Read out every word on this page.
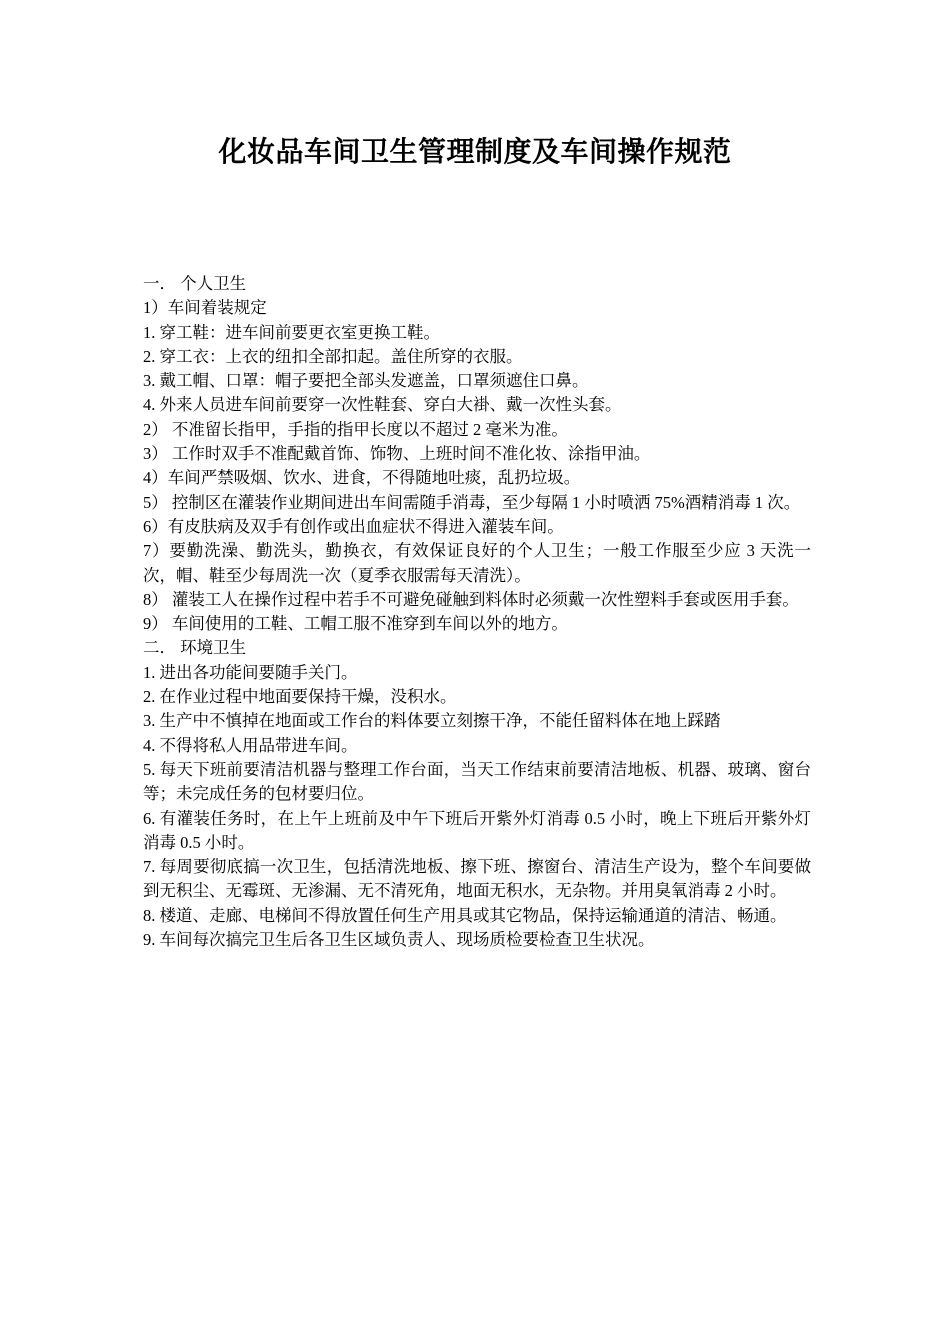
化妆品车间卫生管理制度及车间操作规范

一． 个人卫生

1）车间着装规定

1. 穿工鞋：进车间前要更衣室更换工鞋。

2. 穿工衣：上衣的纽扣全部扣起。盖住所穿的衣服。

3. 戴工帽、口罩：帽子要把全部头发遮盖，口罩须遮住口鼻。

4. 外来人员进车间前要穿一次性鞋套、穿白大褂、戴一次性头套。

2） 不准留长指甲，手指的指甲长度以不超过 2 毫米为准。

3） 工作时双手不准配戴首饰、饰物、上班时间不准化妆、涂指甲油。

4）车间严禁吸烟、饮水、进食，不得随地吐痰，乱扔垃圾。

5） 控制区在灌装作业期间进出车间需随手消毒，至少每隔 1 小时喷洒 75%酒精消毒 1 次。

6）有皮肤病及双手有创作或出血症状不得进入灌装车间。

7）要勤洗澡、勤洗头，勤换衣，有效保证良好的个人卫生；一般工作服至少应 3 天洗一次，帽、鞋至少每周洗一次（夏季衣服需每天清洗）。

8） 灌装工人在操作过程中若手不可避免碰触到料体时必须戴一次性塑料手套或医用手套。

9） 车间使用的工鞋、工帽工服不准穿到车间以外的地方。

二． 环境卫生

1. 进出各功能间要随手关门。

2. 在作业过程中地面要保持干燥，没积水。

3. 生产中不慎掉在地面或工作台的料体要立刻擦干净，不能任留料体在地上踩踏

4. 不得将私人用品带进车间。

5. 每天下班前要清洁机器与整理工作台面，当天工作结束前要清洁地板、机器、玻璃、窗台等；未完成任务的包材要归位。

6. 有灌装任务时，在上午上班前及中午下班后开紫外灯消毒 0.5 小时，晚上下班后开紫外灯消毒 0.5 小时。

7. 每周要彻底搞一次卫生，包括清洗地板、擦下班、擦窗台、清洁生产设为，整个车间要做到无积尘、无霉斑、无渗漏、无不清死角，地面无积水，无杂物。并用臭氧消毒 2 小时。

8. 楼道、走廊、电梯间不得放置任何生产用具或其它物品，保持运输通道的清洁、畅通。

9. 车间每次搞完卫生后各卫生区域负责人、现场质检要检查卫生状况。
